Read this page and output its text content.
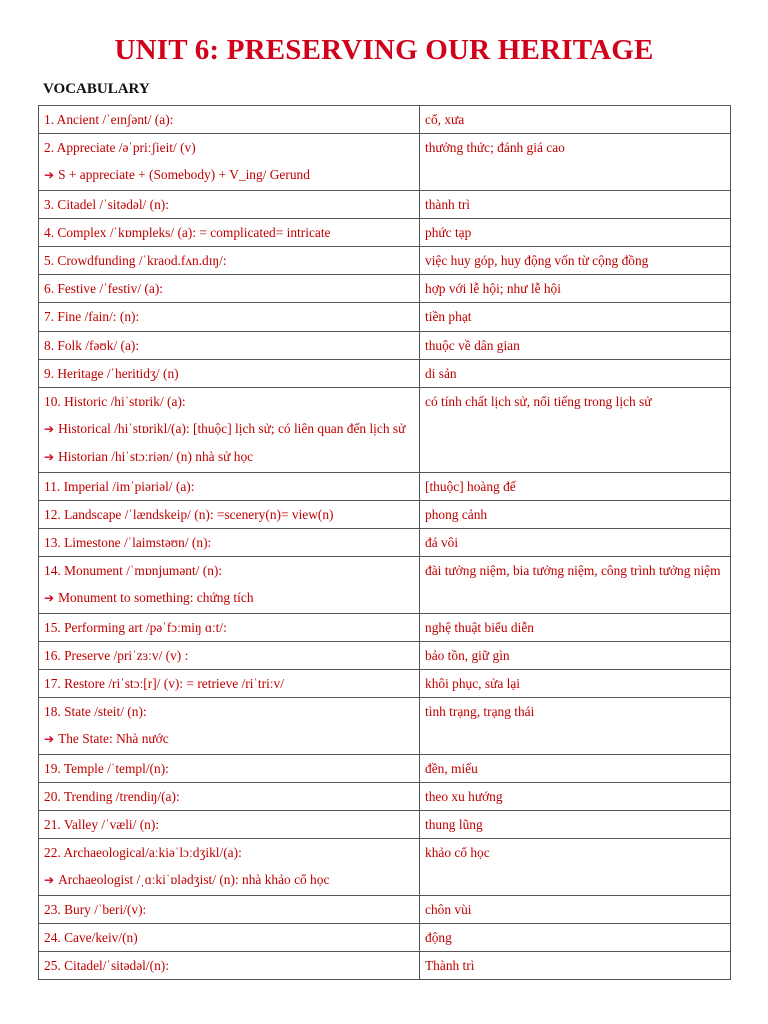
UNIT 6: PRESERVING OUR HERITAGE
VOCABULARY
1. Ancient /ˈeɪnʃənt/ (a):	cổ, xưa

2. Appreciate /əˈpriːʃieit/ (v)
➔ S + appreciate + (Somebody) + V_ing/ Gerund	thưởng thức; đánh giá cao

3. Citadel /ˈsitədəl/ (n):	thành trì

4. Complex /ˈkɒmpleks/ (a): = complicated= intricate	phức tạp

5. Crowdfunding /ˈkraod.fʌn.dɪŋ/:	việc huy góp, huy động vốn từ cộng đồng

6. Festive /ˈfestiv/ (a):	hợp với lễ hội; như lễ hội

7. Fine /fain/: (n):	tiền phạt

8. Folk /fəʊk/ (a):	thuộc về dân gian

9. Heritage /ˈheritidʒ/ (n)	di sản

10. Historic /hiˈstɒrik/ (a):
➔ Historical /hiˈstɒrikl/(a): [thuộc] lịch sử; có liên quan đến lịch sử
➔ Historian /hiˈstɔːriən/ (n) nhà sử học	có tính chất lịch sử, nổi tiếng trong lịch sử

11. Imperial /imˈpiəriəl/ (a):	[thuộc] hoàng đế

12. Landscape /ˈlændskeip/ (n): =scenery(n)= view(n)	phong cảnh

13. Limestone /ˈlaimstəʊn/ (n):	đá vôi

14. Monument /ˈmɒnjumənt/ (n):
➔ Monument to something: chứng tích	đài tưởng niệm, bia tưởng niệm, công trình tưởng niệm

15. Performing art /pəˈfɔːmiŋ ɑːt/:	nghệ thuật biểu diễn

16. Preserve /priˈzɜːv/ (v) :	bảo tồn, giữ gìn

17. Restore /riˈstɔː[r]/ (v): = retrieve /riˈtriːv/	khôi phục, sửa lại

18. State /steit/ (n):
➔ The State: Nhà nước	tình trạng, trạng thái

19. Temple /ˈtempl/(n):	đền, miếu

20. Trending /trendiŋ/(a):	theo xu hướng

21. Valley /ˈvæli/ (n):	thung lũng

22. Archaeological/aːkiəˈlɔːdʒikl/(a):
➔ Archaeologist /ˌɑːkiˈɒlədʒist/ (n): nhà khảo cổ học	khảo cổ học

23. Bury /ˈberi/(v):	chôn vùi

24. Cave/keiv/(n)	động

25. Citadel/ˈsitədəl/(n):	Thành trì
